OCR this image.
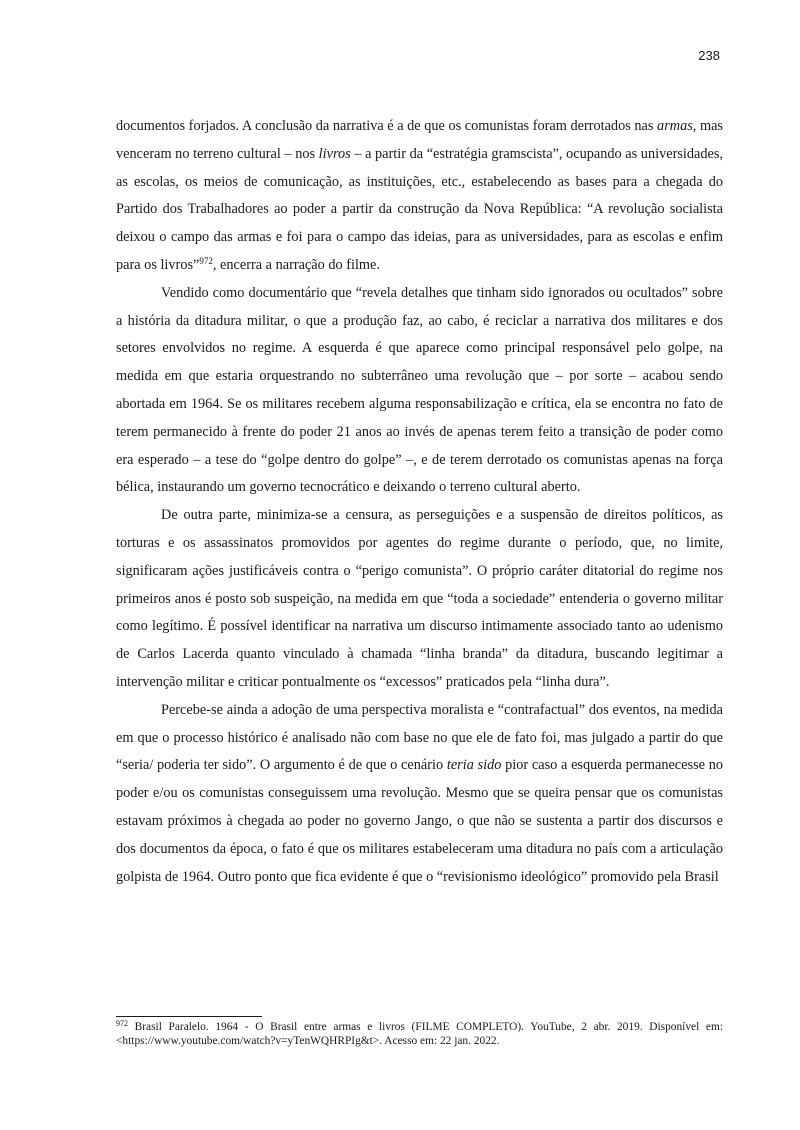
238

documentos forjados. A conclusão da narrativa é a de que os comunistas foram derrotados nas armas, mas venceram no terreno cultural – nos livros – a partir da “estratégia gramscista”, ocupando as universidades, as escolas, os meios de comunicação, as instituições, etc., estabelecendo as bases para a chegada do Partido dos Trabalhadores ao poder a partir da construção da Nova República: “A revolução socialista deixou o campo das armas e foi para o campo das ideias, para as universidades, para as escolas e enfim para os livros”$^{972}$, encerra a narração do filme.

Vendido como documentário que “revela detalhes que tinham sido ignorados ou ocultados” sobre a história da ditadura militar, o que a produção faz, ao cabo, é reciclar a narrativa dos militares e dos setores envolvidos no regime. A esquerda é que aparece como principal responsável pelo golpe, na medida em que estaria orquestrando no subterrâneo uma revolução que – por sorte – acabou sendo abortada em 1964. Se os militares recebem alguma responsabilização e crítica, ela se encontra no fato de terem permanecido à frente do poder 21 anos ao invés de apenas terem feito a transição de poder como era esperado – a tese do “golpe dentro do golpe” –, e de terem derrotado os comunistas apenas na força bélica, instaurando um governo tecnocrático e deixando o terreno cultural aberto.

De outra parte, minimiza-se a censura, as perseguições e a suspensão de direitos políticos, as torturas e os assassinatos promovidos por agentes do regime durante o período, que, no limite, significaram ações justificáveis contra o “perigo comunista”. O próprio caráter ditatorial do regime nos primeiros anos é posto sob suspeição, na medida em que “toda a sociedade” entenderia o governo militar como legítimo. É possível identificar na narrativa um discurso intimamente associado tanto ao udenismo de Carlos Lacerda quanto vinculado à chamada “linha branda” da ditadura, buscando legitimar a intervenção militar e criticar pontualmente os “excessos” praticados pela “linha dura”.

Percebe-se ainda a adoção de uma perspectiva moralista e “contrafactual” dos eventos, na medida em que o processo histórico é analisado não com base no que ele de fato foi, mas julgado a partir do que “seria/ poderia ter sido”. O argumento é de que o cenário teria sido pior caso a esquerda permanecesse no poder e/ou os comunistas conseguissem uma revolução. Mesmo que se queira pensar que os comunistas estavam próximos à chegada ao poder no governo Jango, o que não se sustenta a partir dos discursos e dos documentos da época, o fato é que os militares estabeleceram uma ditadura no país com a articulação golpista de 1964. Outro ponto que fica evidente é que o “revisionismo ideológico” promovido pela Brasil

$^{972}$ Brasil Paralelo. 1964 - O Brasil entre armas e livros (FILME COMPLETO). YouTube, 2 abr. 2019. Disponível em: <https://www.youtube.com/watch?v=yTenWQHRPIg&t>. Acesso em: 22 jan. 2022.
